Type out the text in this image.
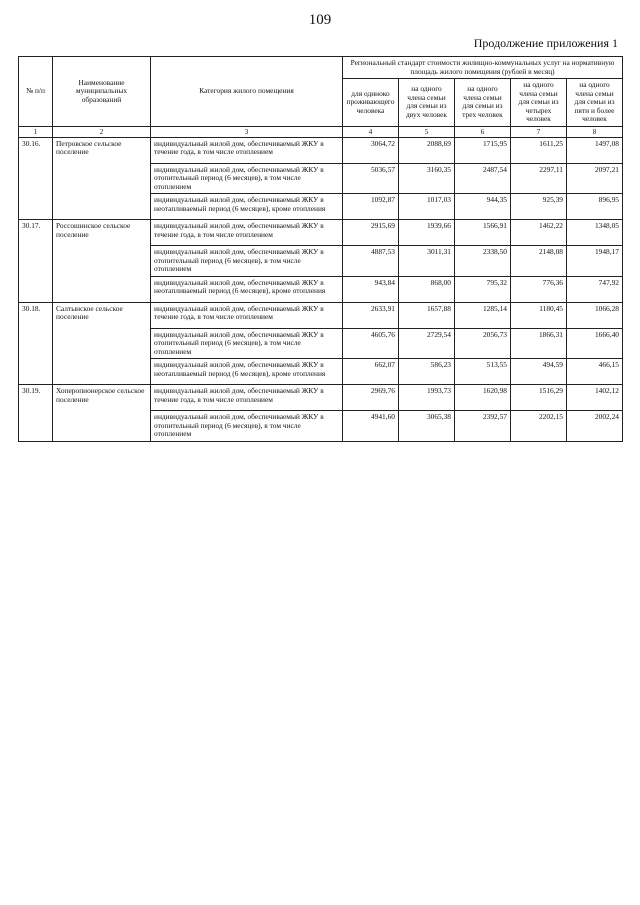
109
Продолжение приложения 1
№ п/п	Наименование муниципальных образований	Категория жилого помещения	Региональный стандарт стоимости жилищно-коммунальных услуг на нормативную площадь жилого помещения (рублей в месяц)				
			для одиноко проживающего человека	на одного члена семьи для семьи из двух человек	на одного члена семьи для семьи из трех человек	на одного члена семьи для семьи из четырех человек	на одного члена семьи для семьи из пяти и более человек
1	2	3	4	5	6	7	8
30.16.	Петровское сельское поселение	индивидуальный жилой дом, обеспечиваемый ЖКУ в течение года, в том числе отоплением	3064,72	2088,69	1715,95	1611,25	1497,08
		индивидуальный жилой дом, обеспечиваемый ЖКУ в отопительный период (6 месяцев), в том числе отоплением	5036,57	3160,35	2487,54	2297,11	2097,21
		индивидуальный жилой дом, обеспечиваемый ЖКУ в неотапливаемый период (6 месяцев), кроме отопления	1092,87	1017,03	944,35	925,39	896,95
30.17.	Россошинское сельское поселение	индивидуальный жилой дом, обеспечиваемый ЖКУ в течение года, в том числе отоплением	2915,69	1939,66	1566,91	1462,22	1348,05
		индивидуальный жилой дом, обеспечиваемый ЖКУ в отопительный период (6 месяцев), в том числе отоплением	4887,53	3011,31	2338,50	2148,08	1948,17
		индивидуальный жилой дом, обеспечиваемый ЖКУ в неотапливаемый период (6 месяцев), кроме отопления	943,84	868,00	795,32	776,36	747,92
30.18.	Салтынское сельское поселение	индивидуальный жилой дом, обеспечиваемый ЖКУ в течение года, в том числе отоплением	2633,91	1657,88	1285,14	1180,45	1066,28
		индивидуальный жилой дом, обеспечиваемый ЖКУ в отопительный период (6 месяцев), в том числе отоплением	4605,76	2729,54	2056,73	1866,31	1666,40
		индивидуальный жилой дом, обеспечиваемый ЖКУ в неотапливаемый период (6 месяцев), кроме отопления	662,07	586,23	513,55	494,59	466,15
30.19.	Хоперопионерское сельское поселение	индивидуальный жилой дом, обеспечиваемый ЖКУ в течение года, в том числе отоплением	2969,76	1993,73	1620,98	1516,29	1402,12
		индивидуальный жилой дом, обеспечиваемый ЖКУ в отопительный период (6 месяцев), в том числе отоплением	4941,60	3065,38	2392,57	2202,15	2002,24
